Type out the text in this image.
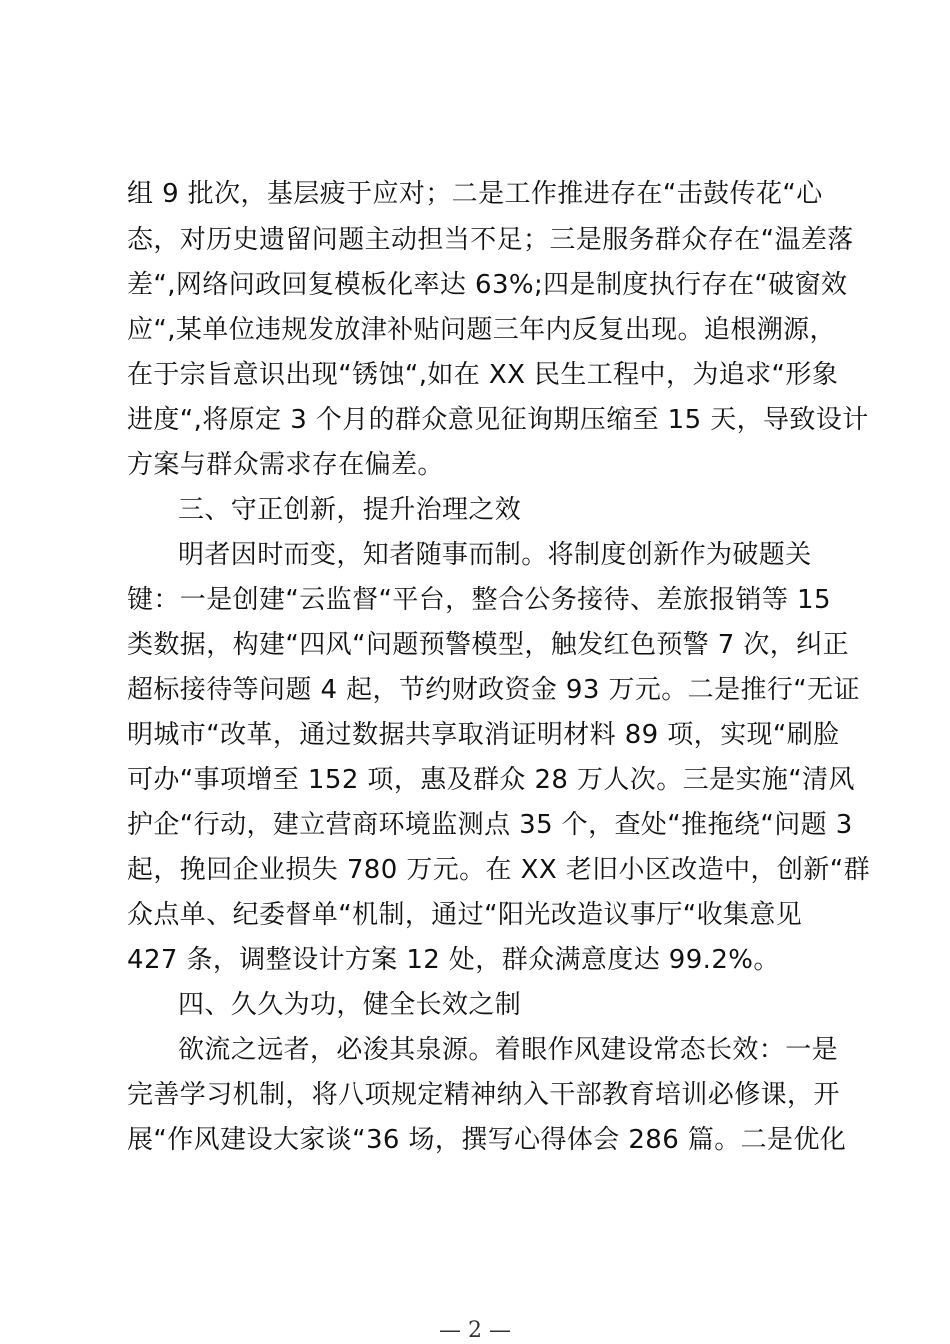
组 9 批次，基层疲于应对；二是工作推进存在“击鼓传花“心
态，对历史遗留问题主动担当不足；三是服务群众存在“温差落
差“,网络问政回复模板化率达 63%;四是制度执行存在“破窗效
应“,某单位违规发放津补贴问题三年内反复出现。追根溯源，
在于宗旨意识出现“锈蚀“,如在 XX 民生工程中，为追求“形象
进度“,将原定 3 个月的群众意见征询期压缩至 15 天，导致设计
方案与群众需求存在偏差。
三、守正创新，提升治理之效
明者因时而变，知者随事而制。将制度创新作为破题关
键：一是创建“云监督“平台，整合公务接待、差旅报销等 15
类数据，构建“四风“问题预警模型，触发红色预警 7 次，纠正
超标接待等问题 4 起，节约财政资金 93 万元。二是推行“无证
明城市“改革，通过数据共享取消证明材料 89 项，实现“刷脸
可办“事项增至 152 项，惠及群众 28 万人次。三是实施“清风
护企“行动，建立营商环境监测点 35 个，查处“推拖绕“问题 3
起，挽回企业损失 780 万元。在 XX 老旧小区改造中，创新“群
众点单、纪委督单“机制，通过“阳光改造议事厅“收集意见
427 条，调整设计方案 12 处，群众满意度达 99.2%。
四、久久为功，健全长效之制
欲流之远者，必浚其泉源。着眼作风建设常态长效：一是
完善学习机制，将八项规定精神纳入干部教育培训必修课，开
展“作风建设大家谈“36 场，撰写心得体会 286 篇。二是优化
— 2 —
